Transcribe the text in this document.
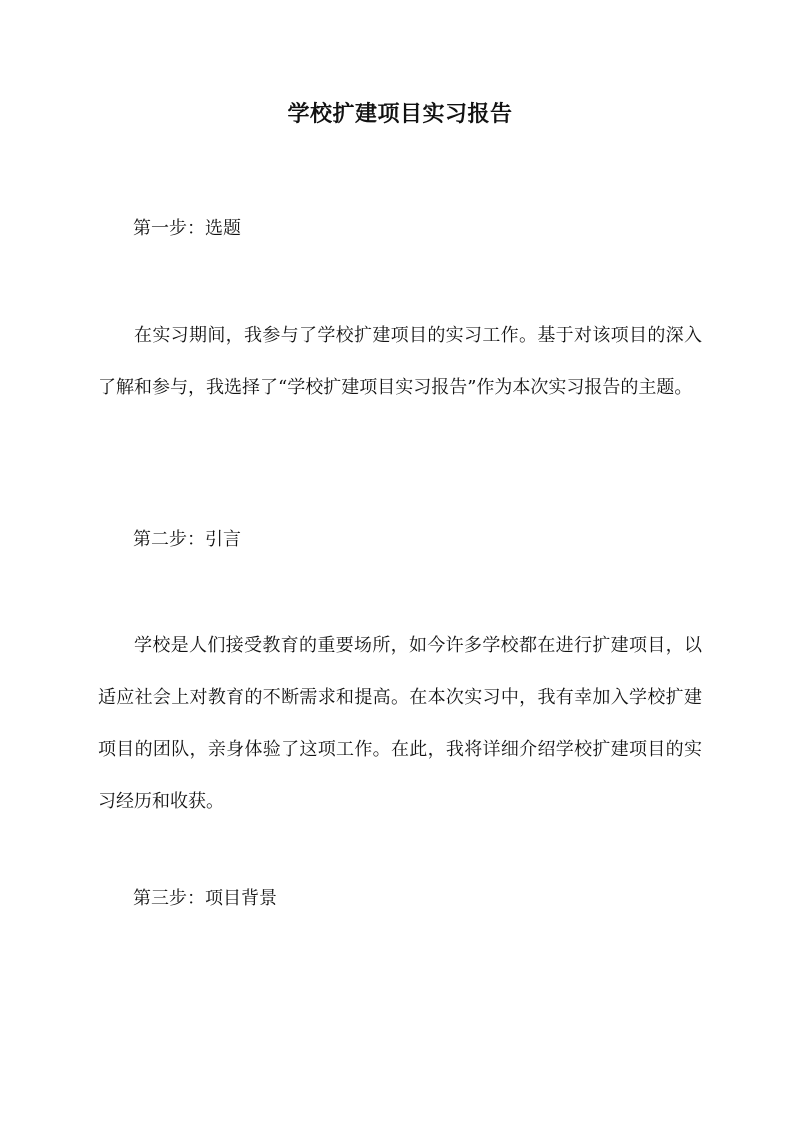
学校扩建项目实习报告

第一步：选题

在实习期间，我参与了学校扩建项目的实习工作。基于对该项目的深入了解和参与，我选择了“学校扩建项目实习报告”作为本次实习报告的主题。

第二步：引言

学校是人们接受教育的重要场所，如今许多学校都在进行扩建项目，以适应社会上对教育的不断需求和提高。在本次实习中，我有幸加入学校扩建项目的团队，亲身体验了这项工作。在此，我将详细介绍学校扩建项目的实习经历和收获。

第三步：项目背景
